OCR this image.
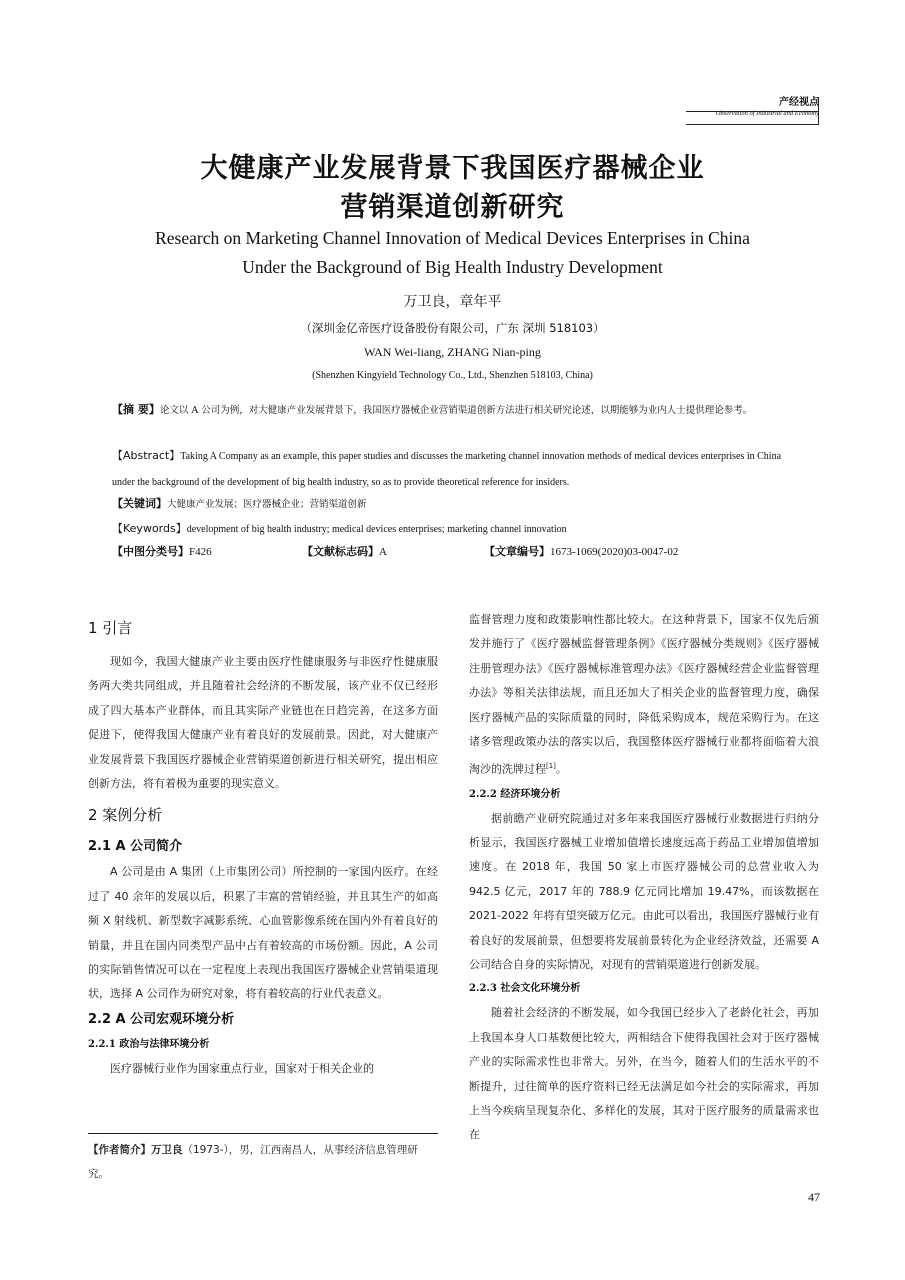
产经视点
Observation of Industrial and Economy
大健康产业发展背景下我国医疗器械企业
营销渠道创新研究
Research on Marketing Channel Innovation of Medical Devices Enterprises in China
Under the Background of Big Health Industry Development
万卫良，章年平
（深圳金亿帝医疗设备股份有限公司，广东 深圳 518103）
WAN Wei-liang, ZHANG Nian-ping
(Shenzhen Kingyield Technology Co., Ltd., Shenzhen 518103, China)
【摘 要】论文以 A 公司为例，对大健康产业发展背景下，我国医疗器械企业营销渠道创新方法进行相关研究论述，以期能够为业内人士提供理论参考。
【Abstract】Taking A Company as an example, this paper studies and discusses the marketing channel innovation methods of medical devices enterprises in China under the background of the development of big health industry, so as to provide theoretical reference for insiders.
【关键词】大健康产业发展；医疗器械企业；营销渠道创新
【Keywords】development of big health industry; medical devices enterprises; marketing channel innovation
【中图分类号】F426	【文献标志码】A	【文章编号】1673-1069(2020)03-0047-02
1 引言

现如今，我国大健康产业主要由医疗性健康服务与非医疗性健康服务两大类共同组成，并且随着社会经济的不断发展，该产业不仅已经形成了四大基本产业群体，而且其实际产业链也在日趋完善，在这多方面促进下，使得我国大健康产业有着良好的发展前景。因此，对大健康产业发展背景下我国医疗器械企业营销渠道创新进行相关研究，提出相应创新方法，将有着极为重要的现实意义。

2 案例分析
2.1 A 公司简介

A 公司是由 A 集团（上市集团公司）所控制的一家国内医疗。在经过了 40 余年的发展以后，积累了丰富的营销经验，并且其生产的如高频 X 射线机、新型数字减影系统、心血管影像系统在国内外有着良好的销量，并且在国内同类型产品中占有着较高的市场份额。因此，A 公司的实际销售情况可以在一定程度上表现出我国医疗器械企业营销渠道现状，选择 A 公司作为研究对象，将有着较高的行业代表意义。

2.2 A 公司宏观环境分析
2.2.1 政治与法律环境分析

医疗器械行业作为国家重点行业，国家对于相关企业的

【作者简介】万卫良（1973-），男，江西南昌人，从事经济信息管理研究。

监督管理力度和政策影响性都比较大。在这种背景下，国家不仅先后颁发并施行了《医疗器械监督管理条例》《医疗器械分类规则》《医疗器械注册管理办法》《医疗器械标准管理办法》《医疗器械经营企业监督管理办法》等相关法律法规，而且还加大了相关企业的监督管理力度，确保医疗器械产品的实际质量的同时，降低采购成本，规范采购行为。在这诸多管理政策办法的落实以后，我国整体医疗器械行业都将面临着大浪淘沙的洗牌过程[1]。

2.2.2 经济环境分析

据前瞻产业研究院通过对多年来我国医疗器械行业数据进行归纳分析显示，我国医疗器械工业增加值增长速度远高于药品工业增加值增加速度。在 2018 年，我国 50 家上市医疗器械公司的总营业收入为 942.5 亿元，2017 年的 788.9 亿元同比增加 19.47%，而该数据在 2021-2022 年将有望突破万亿元。由此可以看出，我国医疗器械行业有着良好的发展前景，但想要将发展前景转化为企业经济效益，还需要 A 公司结合自身的实际情况，对现有的营销渠道进行创新发展。

2.2.3 社会文化环境分析

随着社会经济的不断发展，如今我国已经步入了老龄化社会，再加上我国本身人口基数便比较大，两相结合下使得我国社会对于医疗器械产业的实际需求性也非常大。另外，在当今，随着人们的生活水平的不断提升，过往简单的医疗资料已经无法满足如今社会的实际需求，再加上当今疾病呈现复杂化、多样化的发展，其对于医疗服务的质量需求也在

47
